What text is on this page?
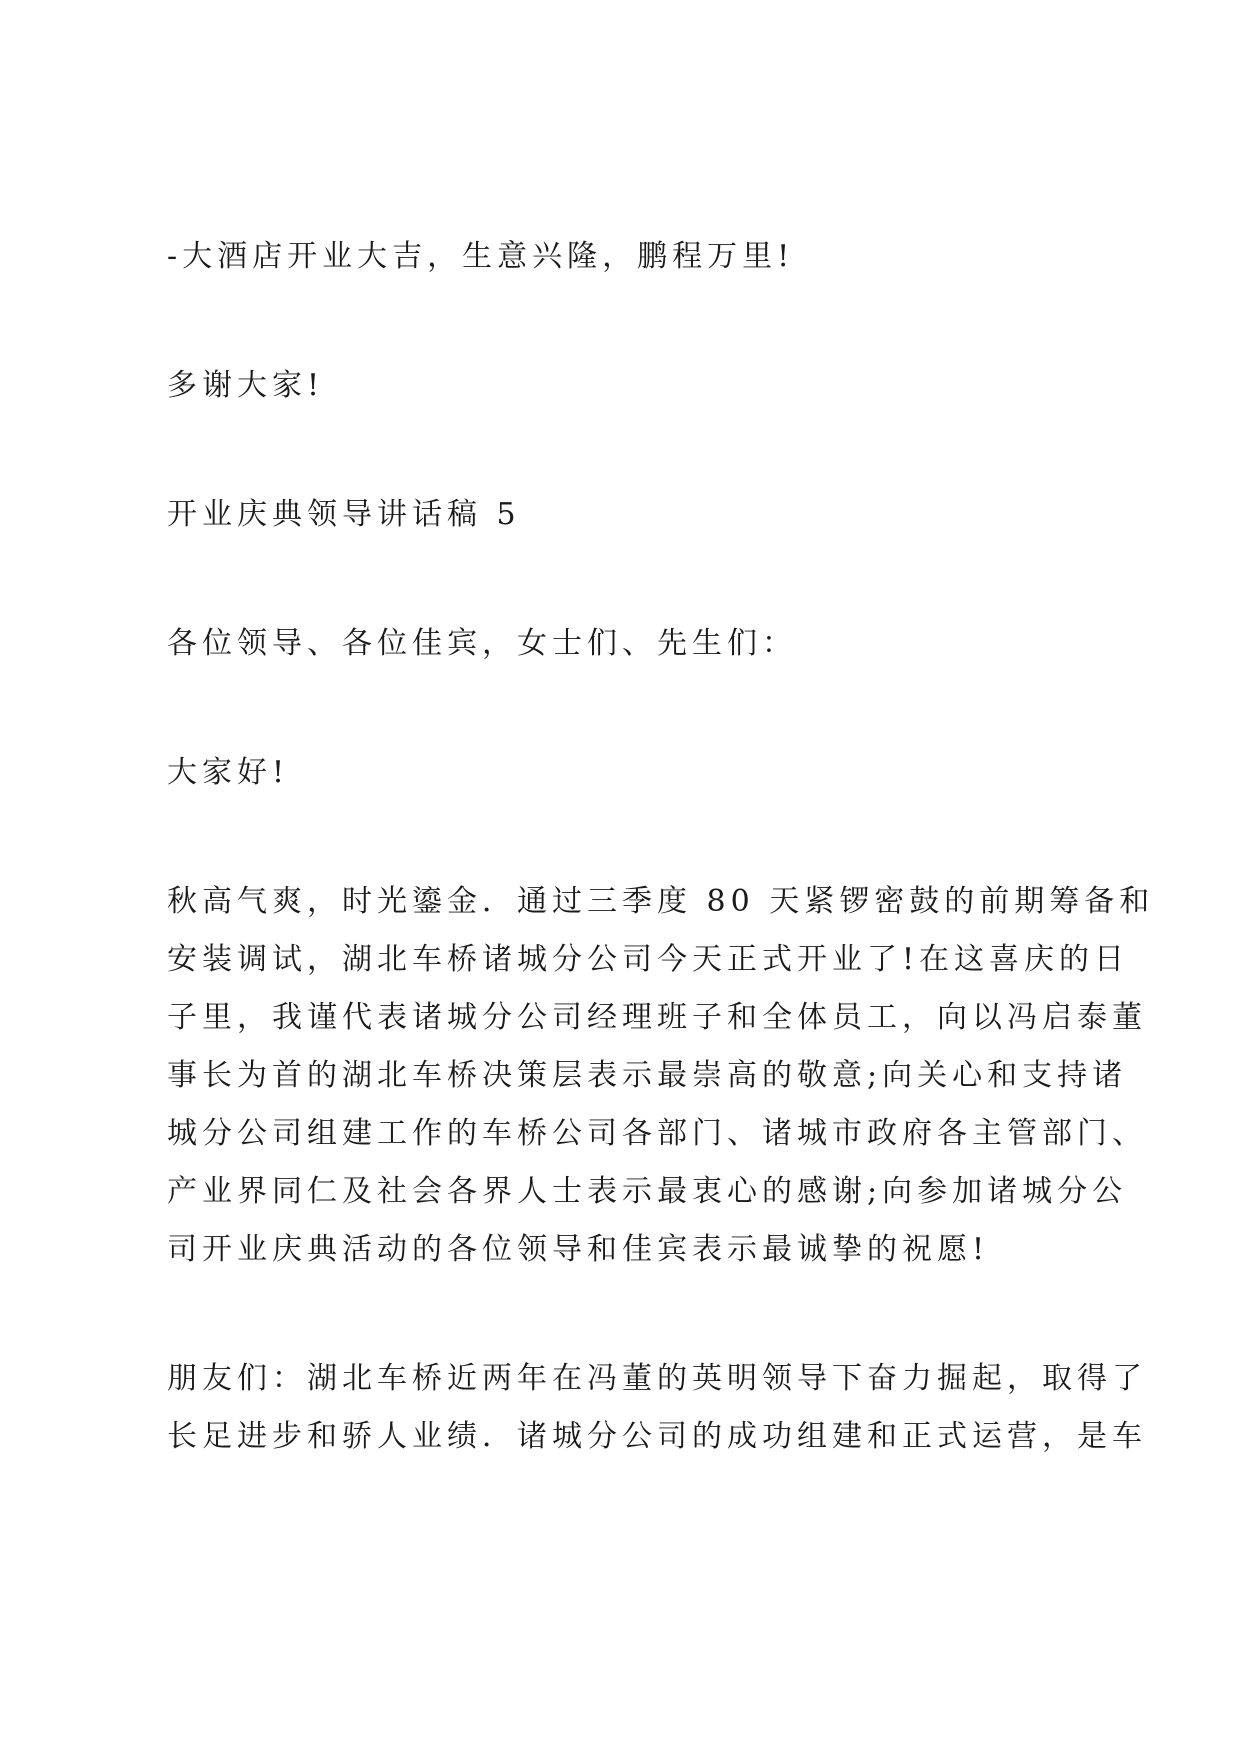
-大酒店开业大吉，生意兴隆，鹏程万里!

多谢大家!

开业庆典领导讲话稿 5

各位领导、各位佳宾，女士们、先生们：

大家好!

秋高气爽，时光鎏金．通过三季度 80 天紧锣密鼓的前期筹备和
安装调试，湖北车桥诸城分公司今天正式开业了!在这喜庆的日
子里，我谨代表诸城分公司经理班子和全体员工，向以冯启泰董
事长为首的湖北车桥决策层表示最崇高的敬意;向关心和支持诸
城分公司组建工作的车桥公司各部门、诸城市政府各主管部门、
产业界同仁及社会各界人士表示最衷心的感谢;向参加诸城分公
司开业庆典活动的各位领导和佳宾表示最诚挚的祝愿!

朋友们：湖北车桥近两年在冯董的英明领导下奋力掘起，取得了
长足进步和骄人业绩．诸城分公司的成功组建和正式运营，是车
